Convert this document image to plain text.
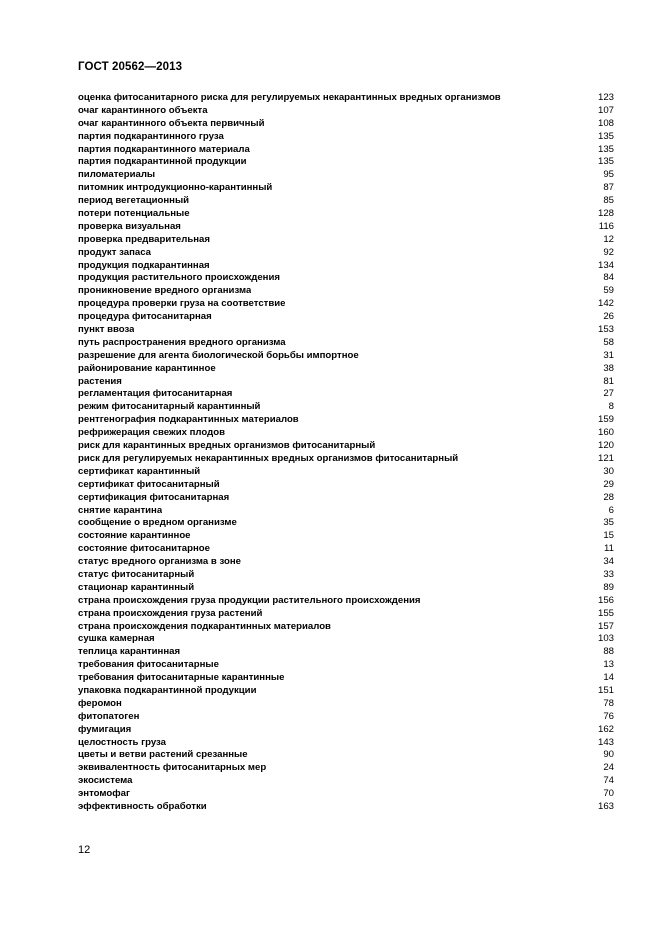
ГОСТ 20562—2013
оценка фитосанитарного риска для регулируемых некарантинных вредных организмов	123
очаг карантинного объекта	107
очаг карантинного объекта первичный	108
партия подкарантинного груза	135
партия подкарантинного материала	135
партия подкарантинной продукции	135
пиломатериалы	95
питомник интродукционно-карантинный	87
период вегетационный	85
потери потенциальные	128
проверка визуальная	116
проверка предварительная	12
продукт запаса	92
продукция подкарантинная	134
продукция растительного происхождения	84
проникновение вредного организма	59
процедура проверки груза на соответствие	142
процедура фитосанитарная	26
пункт ввоза	153
путь распространения вредного организма	58
разрешение для агента биологической борьбы импортное	31
районирование карантинное	38
растения	81
регламентация фитосанитарная	27
режим фитосанитарный карантинный	8
рентгенография подкарантинных материалов	159
рефрижерация свежих плодов	160
риск для карантинных вредных организмов фитосанитарный	120
риск для регулируемых некарантинных вредных организмов фитосанитарный	121
сертификат карантинный	30
сертификат фитосанитарный	29
сертификация фитосанитарная	28
снятие карантина	6
сообщение о вредном организме	35
состояние карантинное	15
состояние фитосанитарное	11
статус вредного организма в зоне	34
статус фитосанитарный	33
стационар карантинный	89
страна происхождения груза продукции растительного происхождения	156
страна происхождения груза растений	155
страна происхождения подкарантинных материалов	157
сушка камерная	103
теплица карантинная	88
требования фитосанитарные	13
требования фитосанитарные карантинные	14
упаковка подкарантинной продукции	151
феромон	78
фитопатоген	76
фумигация	162
целостность груза	143
цветы и ветви растений срезанные	90
эквивалентность фитосанитарных мер	24
экосистема	74
энтомофаг	70
эффективность обработки	163
12
